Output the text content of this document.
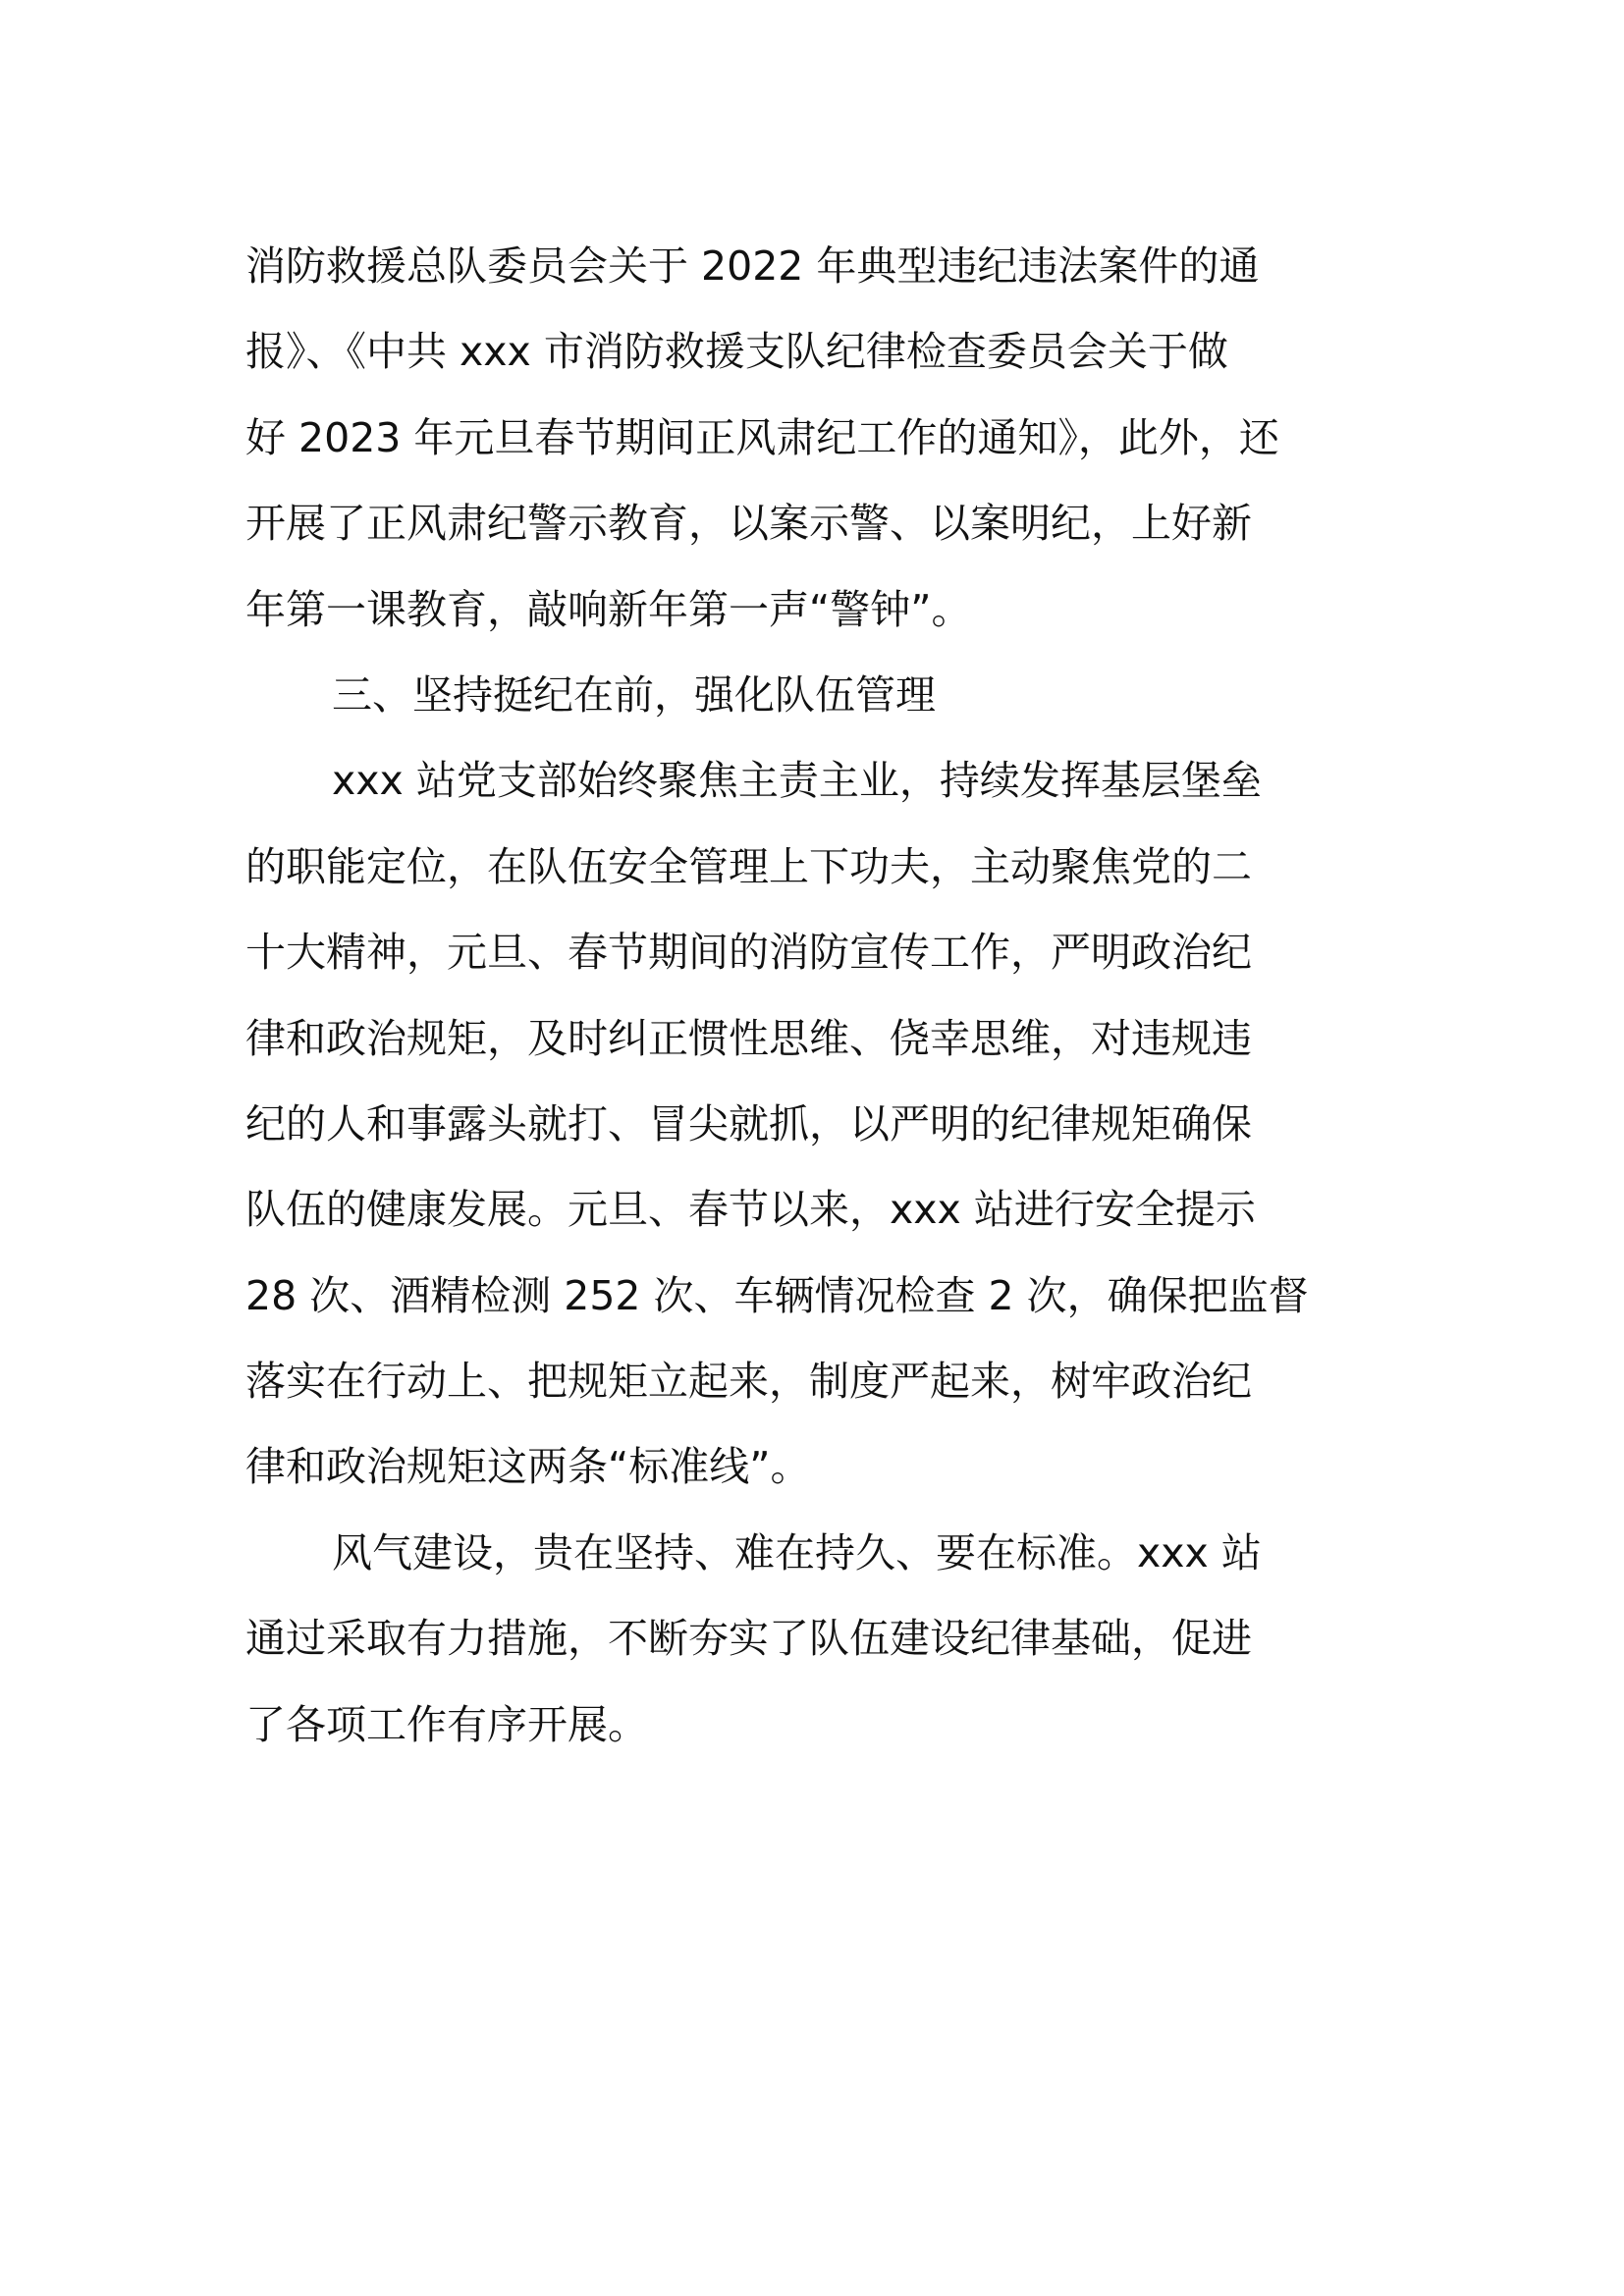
消防救援总队委员会关于 2022 年典型违纪违法案件的通
报》、《中共 xxx 市消防救援支队纪律检查委员会关于做
好 2023 年元旦春节期间正风肃纪工作的通知》，此外，还
开展了正风肃纪警示教育，以案示警、以案明纪，上好新
年第一课教育，敲响新年第一声“警钟”。
三、坚持挺纪在前，强化队伍管理
xxx 站党支部始终聚焦主责主业，持续发挥基层堡垒
的职能定位，在队伍安全管理上下功夫，主动聚焦党的二
十大精神，元旦、春节期间的消防宣传工作，严明政治纪
律和政治规矩，及时纠正惯性思维、侥幸思维，对违规违
纪的人和事露头就打、冒尖就抓，以严明的纪律规矩确保
队伍的健康发展。元旦、春节以来，xxx 站进行安全提示
28 次、酒精检测 252 次、车辆情况检查 2 次，确保把监督
落实在行动上、把规矩立起来，制度严起来，树牢政治纪
律和政治规矩这两条“标准线”。
风气建设，贵在坚持、难在持久、要在标准。xxx 站
通过采取有力措施，不断夯实了队伍建设纪律基础，促进
了各项工作有序开展。
